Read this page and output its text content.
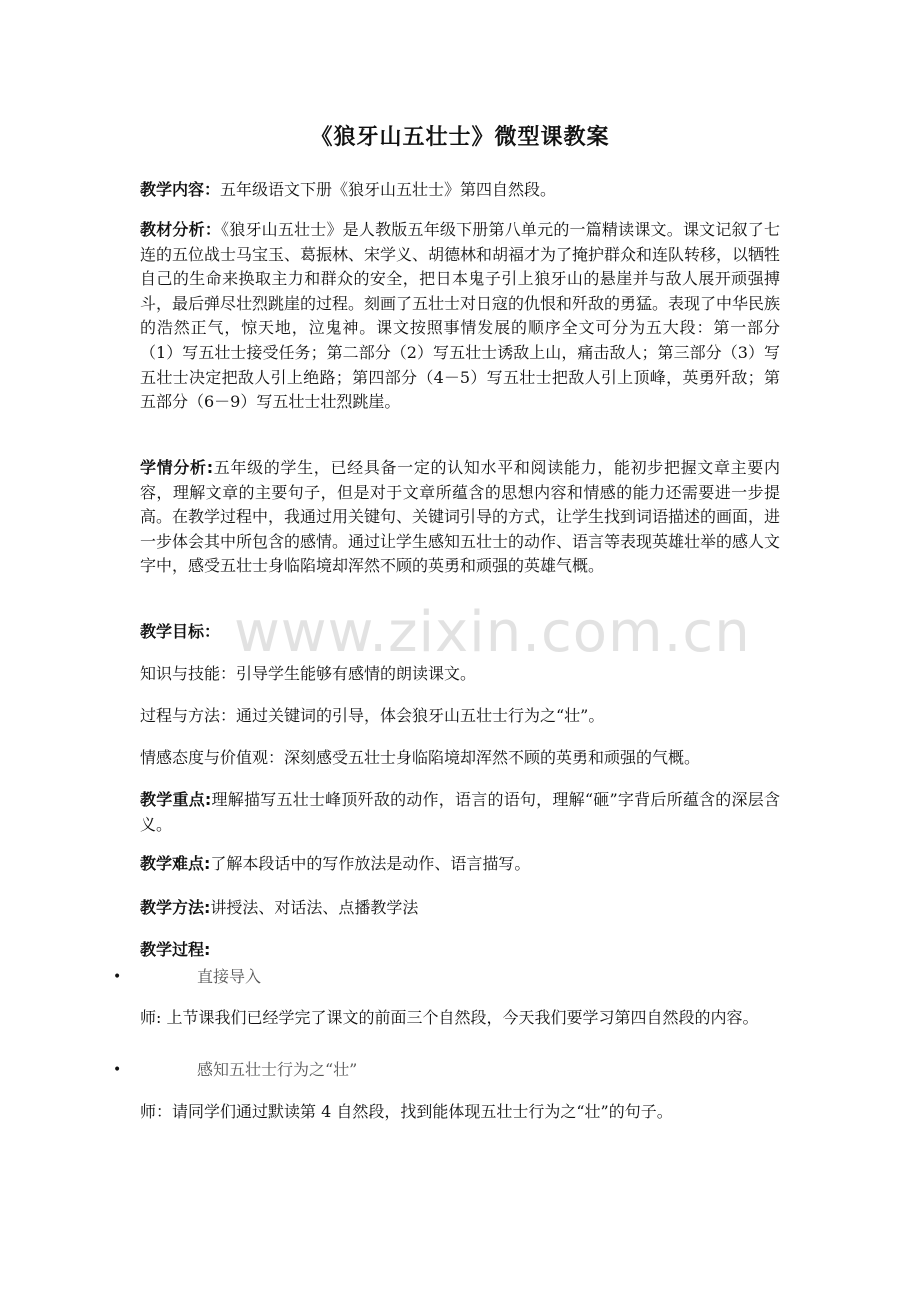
《狼牙山五壮士》微型课教案

教学内容：五年级语文下册《狼牙山五壮士》第四自然段。

教材分析：《狼牙山五壮士》是人教版五年级下册第八单元的一篇精读课文。课文记叙了七连的五位战士马宝玉、葛振林、宋学义、胡德林和胡福才为了掩护群众和连队转移，以牺牲自己的生命来换取主力和群众的安全，把日本鬼子引上狼牙山的悬崖并与敌人展开顽强搏斗，最后弹尽壮烈跳崖的过程。刻画了五壮士对日寇的仇恨和歼敌的勇猛。表现了中华民族的浩然正气，惊天地，泣鬼神。课文按照事情发展的顺序全文可分为五大段：第一部分（1）写五壮士接受任务；第二部分（2）写五壮士诱敌上山，痛击敌人；第三部分（3）写五壮士决定把敌人引上绝路；第四部分（4－5）写五壮士把敌人引上顶峰，英勇歼敌；第五部分（6－9）写五壮士壮烈跳崖。

学情分析:五年级的学生，已经具备一定的认知水平和阅读能力，能初步把握文章主要内容，理解文章的主要句子，但是对于文章所蕴含的思想内容和情感的能力还需要进一步提高。在教学过程中，我通过用关键句、关键词引导的方式，让学生找到词语描述的画面，进一步体会其中所包含的感情。通过让学生感知五壮士的动作、语言等表现英雄壮举的感人文字中，感受五壮士身临陷境却浑然不顾的英勇和顽强的英雄气概。

教学目标：

知识与技能：引导学生能够有感情的朗读课文。

过程与方法：通过关键词的引导，体会狼牙山五壮士行为之“壮”。

情感态度与价值观：深刻感受五壮士身临陷境却浑然不顾的英勇和顽强的气概。

教学重点:理解描写五壮士峰顶歼敌的动作，语言的语句，理解“砸”字背后所蕴含的深层含义。

教学难点:了解本段话中的写作放法是动作、语言描写。

教学方法:讲授法、对话法、点播教学法

教学过程:

•	直接导入

师: 上节课我们已经学完了课文的前面三个自然段，今天我们要学习第四自然段的内容。

•	感知五壮士行为之“壮”

师：请同学们通过默读第 4 自然段，找到能体现五壮士行为之“壮”的句子。

www.zixin.com.cn
